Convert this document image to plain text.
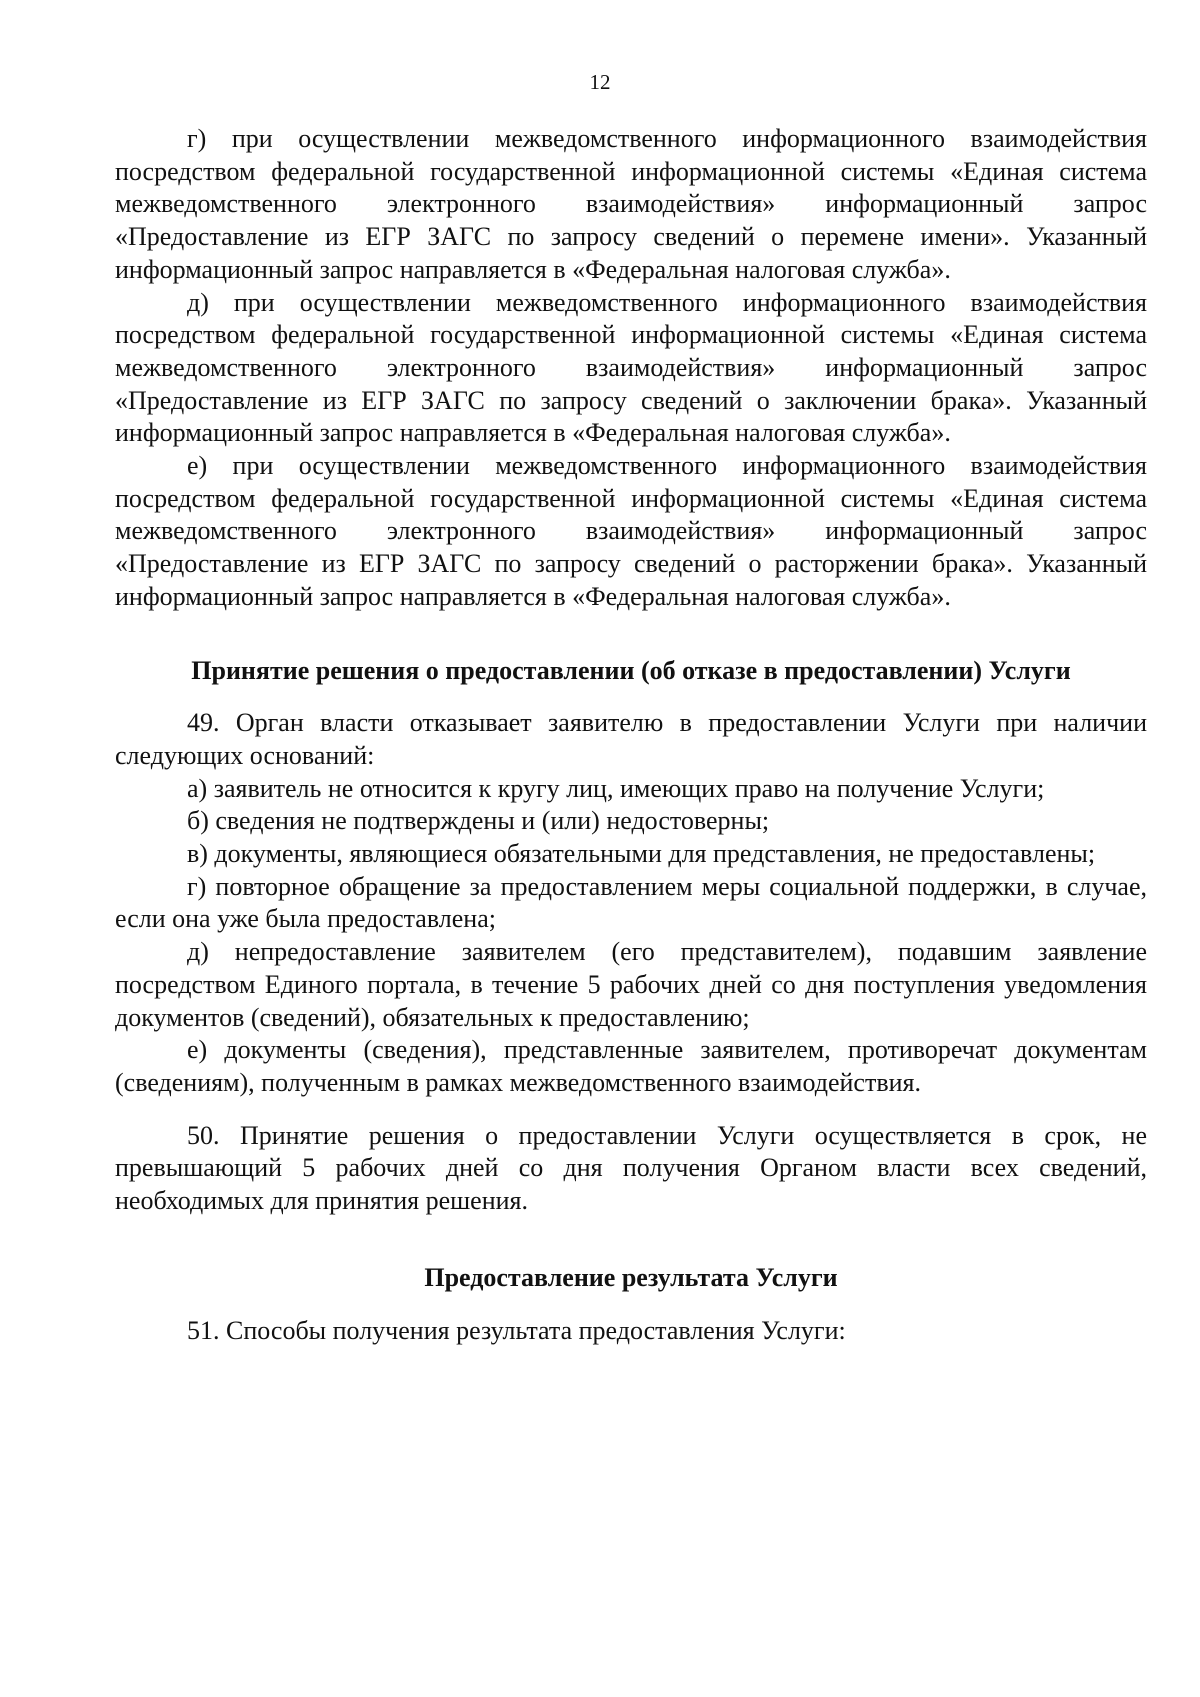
12

г) при осуществлении межведомственного информационного взаимодействия посредством федеральной государственной информационной системы «Единая система межведомственного электронного взаимодействия» информационный запрос «Предоставление из ЕГР ЗАГС по запросу сведений о перемене имени». Указанный информационный запрос направляется в «Федеральная налоговая служба».

д) при осуществлении межведомственного информационного взаимодействия посредством федеральной государственной информационной системы «Единая система межведомственного электронного взаимодействия» информационный запрос «Предоставление из ЕГР ЗАГС по запросу сведений о заключении брака». Указанный информационный запрос направляется в «Федеральная налоговая служба».

е) при осуществлении межведомственного информационного взаимодействия посредством федеральной государственной информационной системы «Единая система межведомственного электронного взаимодействия» информационный запрос «Предоставление из ЕГР ЗАГС по запросу сведений о расторжении брака». Указанный информационный запрос направляется в «Федеральная налоговая служба».

Принятие решения о предоставлении (об отказе в предоставлении) Услуги

49. Орган власти отказывает заявителю в предоставлении Услуги при наличии следующих оснований:

а) заявитель не относится к кругу лиц, имеющих право на получение Услуги;

б) сведения не подтверждены и (или) недостоверны;

в) документы, являющиеся обязательными для представления, не предоставлены;

г) повторное обращение за предоставлением меры социальной поддержки, в случае, если она уже была предоставлена;

д) непредоставление заявителем (его представителем), подавшим заявление посредством Единого портала, в течение 5 рабочих дней со дня поступления уведомления документов (сведений), обязательных к предоставлению;

е) документы (сведения), представленные заявителем, противоречат документам (сведениям), полученным в рамках межведомственного взаимодействия.

50. Принятие решения о предоставлении Услуги осуществляется в срок, не превышающий 5 рабочих дней со дня получения Органом власти всех сведений, необходимых для принятия решения.

Предоставление результата Услуги

51. Способы получения результата предоставления Услуги:
